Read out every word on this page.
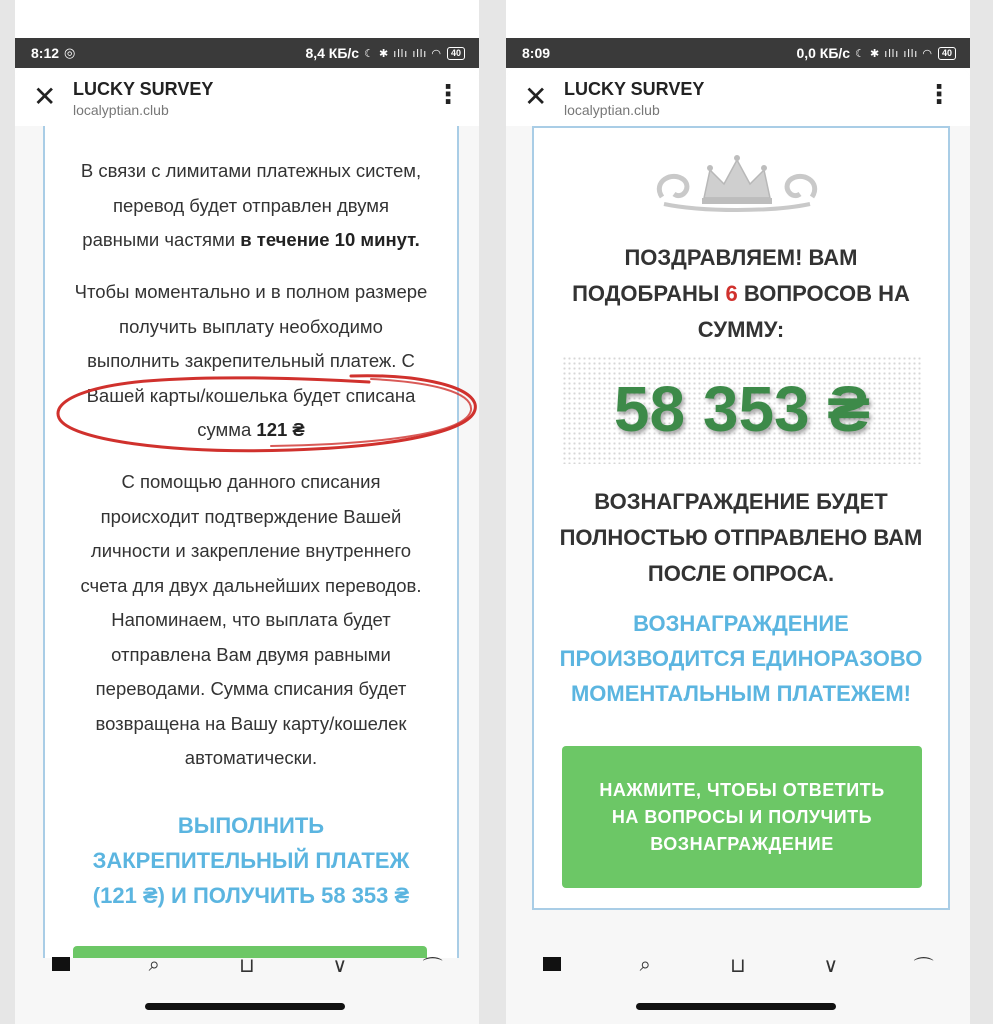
8:12 ◎	8,4 КБ/с ☾ ✱ ıllı ıllı ◠	40
✕ LUCKY SURVEY
localyptian.club
⋮
В связи с лимитами платежных систем,
перевод будет отправлен двумя
равными частями в течение 10 минут.
Чтобы моментально и в полном размере
получить выплату необходимо
выполнить закрепительный платеж. С
Вашей карты/кошелька будет списана
сумма 121 ₴
С помощью данного списания
происходит подтверждение Вашей
личности и закрепление внутреннего
счета для двух дальнейших переводов.
Напоминаем, что выплата будет
отправлена Вам двумя равными
переводами. Сумма списания будет
возвращена на Вашу карту/кошелек
автоматически.
ВЫПОЛНИТЬ
ЗАКРЕПИТЕЛЬНЫЙ ПЛАТЕЖ
(121 ₴) И ПОЛУЧИТЬ 58 353 ₴
⌕	⊔	∨	⌒
8:09	0,0 КБ/с ☾ ✱ ıllı ıllı ◠	40
✕ LUCKY SURVEY
localyptian.club
⋮
ПОЗДРАВЛЯЕМ! ВАМ
ПОДОБРАНЫ 6 ВОПРОСОВ НА
СУММУ:
58 353 ₴
ВОЗНАГРАЖДЕНИЕ БУДЕТ
ПОЛНОСТЬЮ ОТПРАВЛЕНО ВАМ
ПОСЛЕ ОПРОСА.
ВОЗНАГРАЖДЕНИЕ
ПРОИЗВОДИТСЯ ЕДИНОРАЗОВО
МОМЕНТАЛЬНЫМ ПЛАТЕЖЕМ!
НАЖМИТЕ, ЧТОБЫ ОТВЕТИТЬ НА ВОПРОСЫ И ПОЛУЧИТЬ ВОЗНАГРАЖДЕНИЕ
⌕	⊔	∨	⌒
